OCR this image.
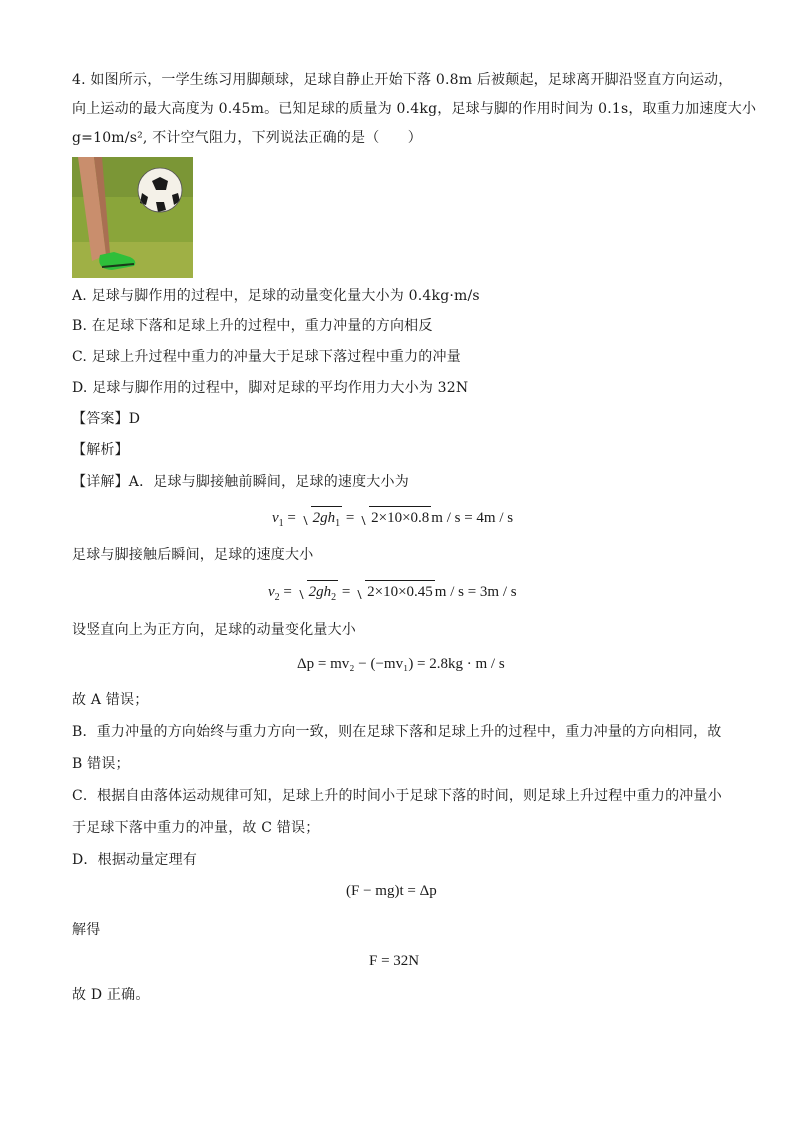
4. 如图所示，一学生练习用脚颠球，足球自静止开始下落 0.8m 后被颠起，足球离开脚沿竖直方向运动，
向上运动的最大高度为 0.45m。已知足球的质量为 0.4kg，足球与脚的作用时间为 0.1s，取重力加速度大小
g=10m/s², 不计空气阻力，下列说法正确的是（　　）
A. 足球与脚作用的过程中，足球的动量变化量大小为 0.4kg·m/s
B. 在足球下落和足球上升的过程中，重力冲量的方向相反
C. 足球上升过程中重力的冲量大于足球下落过程中重力的冲量
D. 足球与脚作用的过程中，脚对足球的平均作用力大小为 32N
【答案】D
【解析】
【详解】A．足球与脚接触前瞬间，足球的速度大小为
$v_1 = 2gh_1 = 2\times 10\times 0.8$ m / s = 4m / s
足球与脚接触后瞬间，足球的速度大小
$v_2 = 2gh_2 = 2\times 10\times 0.45$ m / s = 3m / s
设竖直向上为正方向，足球的动量变化量大小
Δp = mv₂ − (−mv₁) = 2.8kg · m / s
故 A 错误；
B．重力冲量的方向始终与重力方向一致，则在足球下落和足球上升的过程中，重力冲量的方向相同，故
B 错误；
C．根据自由落体运动规律可知，足球上升的时间小于足球下落的时间，则足球上升过程中重力的冲量小
于足球下落中重力的冲量，故 C 错误；
D．根据动量定理有
(F − mg)t = Δp
解得
F = 32N
故 D 正确。
